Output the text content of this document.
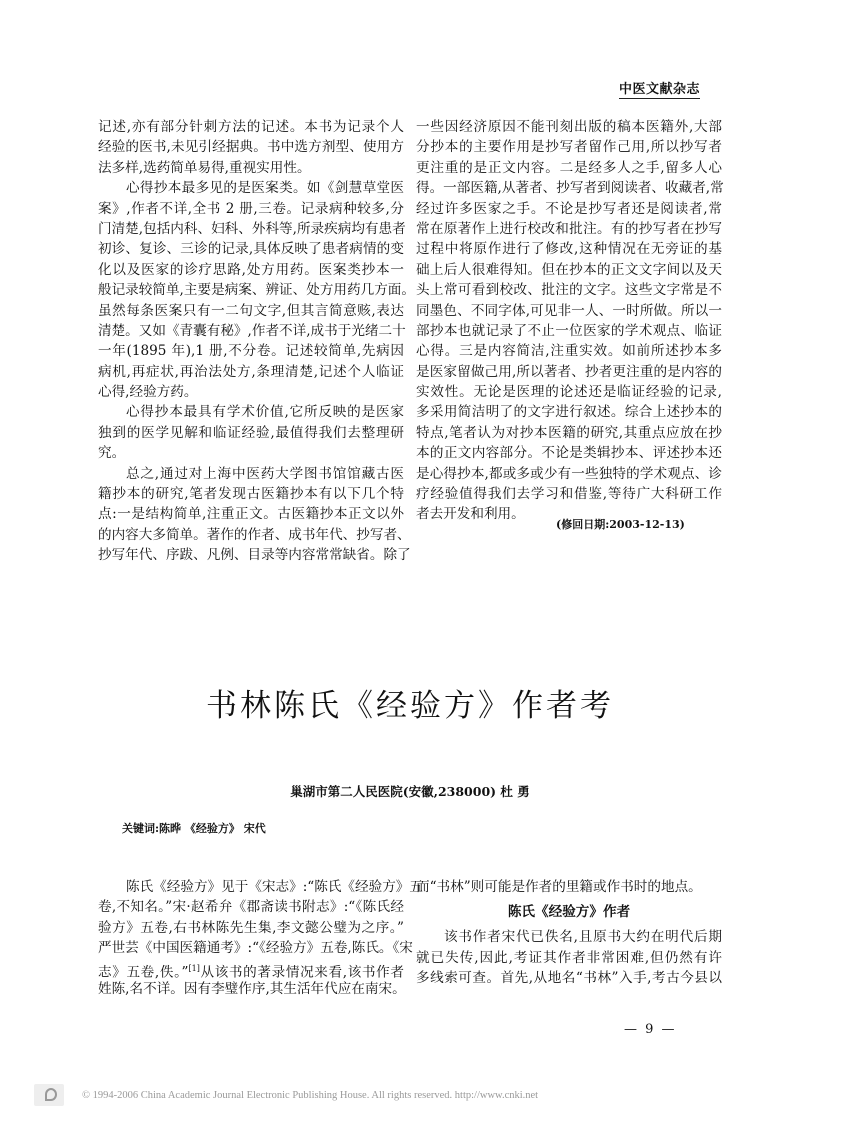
中医文献杂志
记述,亦有部分针刺方法的记述。本书为记录个人
经验的医书,未见引经据典。书中选方剂型、使用方
法多样,选药简单易得,重视实用性。
心得抄本最多见的是医案类。如《剑慧草堂医
案》,作者不详,全书 2 册,三卷。记录病种较多,分
门清楚,包括内科、妇科、外科等,所录疾病均有患者
初诊、复诊、三诊的记录,具体反映了患者病情的变
化以及医家的诊疗思路,处方用药。医案类抄本一
般记录较简单,主要是病案、辨证、处方用药几方面。
虽然每条医案只有一二句文字,但其言简意赅,表达
清楚。又如《青囊有秘》,作者不详,成书于光绪二十
一年(1895 年),1 册,不分卷。记述较简单,先病因
病机,再症状,再治法处方,条理清楚,记述个人临证
心得,经验方药。
心得抄本最具有学术价值,它所反映的是医家
独到的医学见解和临证经验,最值得我们去整理研
究。
总之,通过对上海中医药大学图书馆馆藏古医
籍抄本的研究,笔者发现古医籍抄本有以下几个特
点:一是结构简单,注重正文。古医籍抄本正文以外
的内容大多简单。著作的作者、成书年代、抄写者、
抄写年代、序跋、凡例、目录等内容常常缺省。除了
一些因经济原因不能刊刻出版的稿本医籍外,大部
分抄本的主要作用是抄写者留作己用,所以抄写者
更注重的是正文内容。二是经多人之手,留多人心
得。一部医籍,从著者、抄写者到阅读者、收藏者,常
经过许多医家之手。不论是抄写者还是阅读者,常
常在原著作上进行校改和批注。有的抄写者在抄写
过程中将原作进行了修改,这种情况在无旁证的基
础上后人很难得知。但在抄本的正文文字间以及天
头上常可看到校改、批注的文字。这些文字常是不
同墨色、不同字体,可见非一人、一时所做。所以一
部抄本也就记录了不止一位医家的学术观点、临证
心得。三是内容简洁,注重实效。如前所述抄本多
是医家留做己用,所以著者、抄者更注重的是内容的
实效性。无论是医理的论述还是临证经验的记录,
多采用简洁明了的文字进行叙述。综合上述抄本的
特点,笔者认为对抄本医籍的研究,其重点应放在抄
本的正文内容部分。不论是类辑抄本、评述抄本还
是心得抄本,都或多或少有一些独特的学术观点、诊
疗经验值得我们去学习和借鉴,等待广大科研工作
者去开发和利用。
(修回日期:2003-12-13)
书林陈氏《经验方》作者考
巢湖市第二人民医院(安徽,238000) 杜 勇
关键词:陈晔 《经验方》 宋代
陈氏《经验方》见于《宋志》:“陈氏《经验方》五
卷,不知名。”宋·赵希弁《郡斋读书附志》:“《陈氏经
验方》五卷,右书林陈先生集,李文懿公璧为之序。”
严世芸《中国医籍通考》:“《经验方》五卷,陈氏。《宋
志》五卷,佚。”[1]从该书的著录情况来看,该书作者
姓陈,名不详。因有李璧作序,其生活年代应在南宋。
而“书林”则可能是作者的里籍或作书时的地点。
陈氏《经验方》作者
该书作者宋代已佚名,且原书大约在明代后期
就已失传,因此,考证其作者非常困难,但仍然有许
多线索可查。首先,从地名“书林”入手,考古今县以
— 9 —
© 1994-2006 China Academic Journal Electronic Publishing House. All rights reserved. http://www.cnki.net
